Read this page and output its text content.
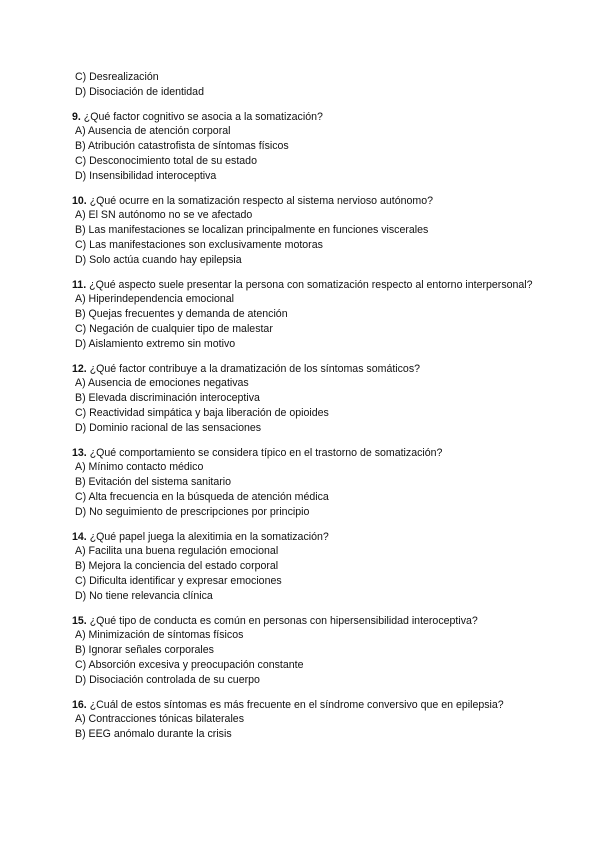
C) Desrealización
D) Disociación de identidad
9. ¿Qué factor cognitivo se asocia a la somatización?
A) Ausencia de atención corporal
B) Atribución catastrofista de síntomas físicos
C) Desconocimiento total de su estado
D) Insensibilidad interoceptiva
10. ¿Qué ocurre en la somatización respecto al sistema nervioso autónomo?
A) El SN autónomo no se ve afectado
B) Las manifestaciones se localizan principalmente en funciones viscerales
C) Las manifestaciones son exclusivamente motoras
D) Solo actúa cuando hay epilepsia
11. ¿Qué aspecto suele presentar la persona con somatización respecto al entorno interpersonal?
A) Hiperindependencia emocional
B) Quejas frecuentes y demanda de atención
C) Negación de cualquier tipo de malestar
D) Aislamiento extremo sin motivo
12. ¿Qué factor contribuye a la dramatización de los síntomas somáticos?
A) Ausencia de emociones negativas
B) Elevada discriminación interoceptiva
C) Reactividad simpática y baja liberación de opioides
D) Dominio racional de las sensaciones
13. ¿Qué comportamiento se considera típico en el trastorno de somatización?
A) Mínimo contacto médico
B) Evitación del sistema sanitario
C) Alta frecuencia en la búsqueda de atención médica
D) No seguimiento de prescripciones por principio
14. ¿Qué papel juega la alexitimia en la somatización?
A) Facilita una buena regulación emocional
B) Mejora la conciencia del estado corporal
C) Dificulta identificar y expresar emociones
D) No tiene relevancia clínica
15. ¿Qué tipo de conducta es común en personas con hipersensibilidad interoceptiva?
A) Minimización de síntomas físicos
B) Ignorar señales corporales
C) Absorción excesiva y preocupación constante
D) Disociación controlada de su cuerpo
16. ¿Cuál de estos síntomas es más frecuente en el síndrome conversivo que en epilepsia?
A) Contracciones tónicas bilaterales
B) EEG anómalo durante la crisis
